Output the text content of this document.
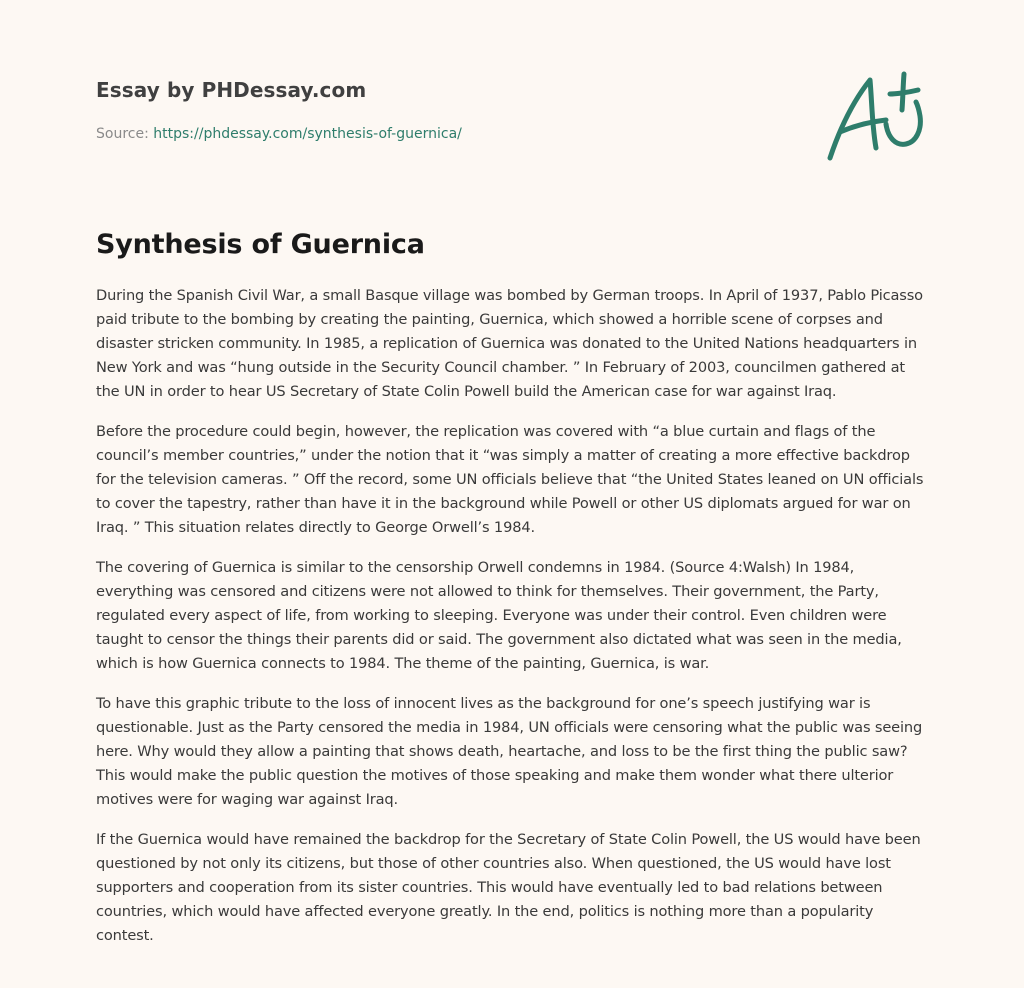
Essay by PHDessay.com
Source: https://phdessay.com/synthesis-of-guernica/
Synthesis of Guernica

During the Spanish Civil War, a small Basque village was bombed by German troops. In April of 1937, Pablo Picasso paid tribute to the bombing by creating the painting, Guernica, which showed a horrible scene of corpses and disaster stricken community. In 1985, a replication of Guernica was donated to the United Nations headquarters in New York and was “hung outside in the Security Council chamber. ” In February of 2003, councilmen gathered at the UN in order to hear US Secretary of State Colin Powell build the American case for war against Iraq.

Before the procedure could begin, however, the replication was covered with “a blue curtain and flags of the council’s member countries,” under the notion that it “was simply a matter of creating a more effective backdrop for the television cameras. ” Off the record, some UN officials believe that “the United States leaned on UN officials to cover the tapestry, rather than have it in the background while Powell or other US diplomats argued for war on Iraq. ” This situation relates directly to George Orwell’s 1984.

The covering of Guernica is similar to the censorship Orwell condemns in 1984. (Source 4:Walsh) In 1984, everything was censored and citizens were not allowed to think for themselves. Their government, the Party, regulated every aspect of life, from working to sleeping. Everyone was under their control. Even children were taught to censor the things their parents did or said. The government also dictated what was seen in the media, which is how Guernica connects to 1984. The theme of the painting, Guernica, is war.

To have this graphic tribute to the loss of innocent lives as the background for one’s speech justifying war is questionable. Just as the Party censored the media in 1984, UN officials were censoring what the public was seeing here. Why would they allow a painting that shows death, heartache, and loss to be the first thing the public saw? This would make the public question the motives of those speaking and make them wonder what there ulterior motives were for waging war against Iraq.

If the Guernica would have remained the backdrop for the Secretary of State Colin Powell, the US would have been questioned by not only its citizens, but those of other countries also. When questioned, the US would have lost supporters and cooperation from its sister countries. This would have eventually led to bad relations between countries, which would have affected everyone greatly. In the end, politics is nothing more than a popularity contest.
